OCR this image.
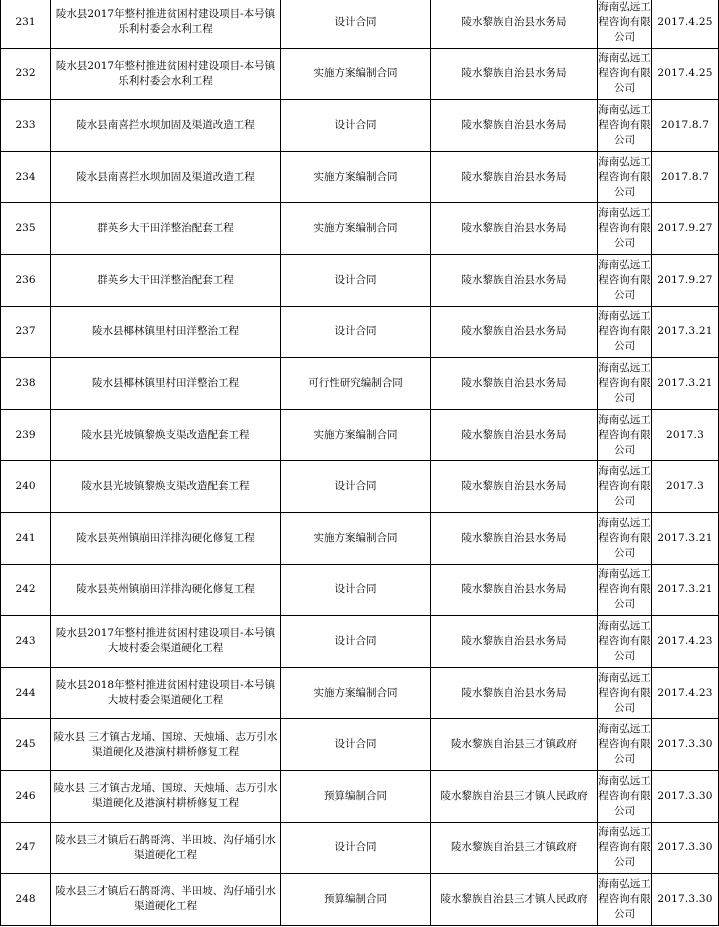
231	陵水县2017年整村推进贫困村建设项目-本号镇乐利村委会水利工程	设计合同	陵水黎族自治县水务局	海南弘远工程咨询有限公司	2017.4.25
232	陵水县2017年整村推进贫困村建设项目-本号镇乐利村委会水利工程	实施方案编制合同	陵水黎族自治县水务局	海南弘远工程咨询有限公司	2017.4.25
233	陵水县南喜拦水坝加固及渠道改造工程	设计合同	陵水黎族自治县水务局	海南弘远工程咨询有限公司	2017.8.7
234	陵水县南喜拦水坝加固及渠道改造工程	实施方案编制合同	陵水黎族自治县水务局	海南弘远工程咨询有限公司	2017.8.7
235	群英乡大干田洋整治配套工程	实施方案编制合同	陵水黎族自治县水务局	海南弘远工程咨询有限公司	2017.9.27
236	群英乡大干田洋整治配套工程	设计合同	陵水黎族自治县水务局	海南弘远工程咨询有限公司	2017.9.27
237	陵水县椰林镇里村田洋整治工程	设计合同	陵水黎族自治县水务局	海南弘远工程咨询有限公司	2017.3.21
238	陵水县椰林镇里村田洋整治工程	可行性研究编制合同	陵水黎族自治县水务局	海南弘远工程咨询有限公司	2017.3.21
239	陵水县光坡镇黎焕支渠改造配套工程	实施方案编制合同	陵水黎族自治县水务局	海南弘远工程咨询有限公司	2017.3
240	陵水县光坡镇黎焕支渠改造配套工程	设计合同	陵水黎族自治县水务局	海南弘远工程咨询有限公司	2017.3
241	陵水县英州镇崩田洋排沟硬化修复工程	实施方案编制合同	陵水黎族自治县水务局	海南弘远工程咨询有限公司	2017.3.21
242	陵水县英州镇崩田洋排沟硬化修复工程	设计合同	陵水黎族自治县水务局	海南弘远工程咨询有限公司	2017.3.21
243	陵水县2017年整村推进贫困村建设项目-本号镇大坡村委会渠道硬化工程	设计合同	陵水黎族自治县水务局	海南弘远工程咨询有限公司	2017.4.23
244	陵水县2018年整村推进贫困村建设项目-本号镇大坡村委会渠道硬化工程	实施方案编制合同	陵水黎族自治县水务局	海南弘远工程咨询有限公司	2017.4.23
245	陵水县 三才镇古龙埇、国琼、天烛埇、志万引水渠道硬化及港演村耕桥修复工程	设计合同	陵水黎族自治县三才镇政府	海南弘远工程咨询有限公司	2017.3.30
246	陵水县 三才镇古龙埇、国琼、天烛埇、志万引水渠道硬化及港演村耕桥修复工程	预算编制合同	陵水黎族自治县三才镇人民政府	海南弘远工程咨询有限公司	2017.3.30
247	陵水县三才镇后石鹊哥湾、半田坡、沟仔埇引水渠道硬化工程	设计合同	陵水黎族自治县三才镇政府	海南弘远工程咨询有限公司	2017.3.30
248	陵水县三才镇后石鹊哥湾、半田坡、沟仔埇引水渠道硬化工程	预算编制合同	陵水黎族自治县三才镇人民政府	海南弘远工程咨询有限公司	2017.3.30
